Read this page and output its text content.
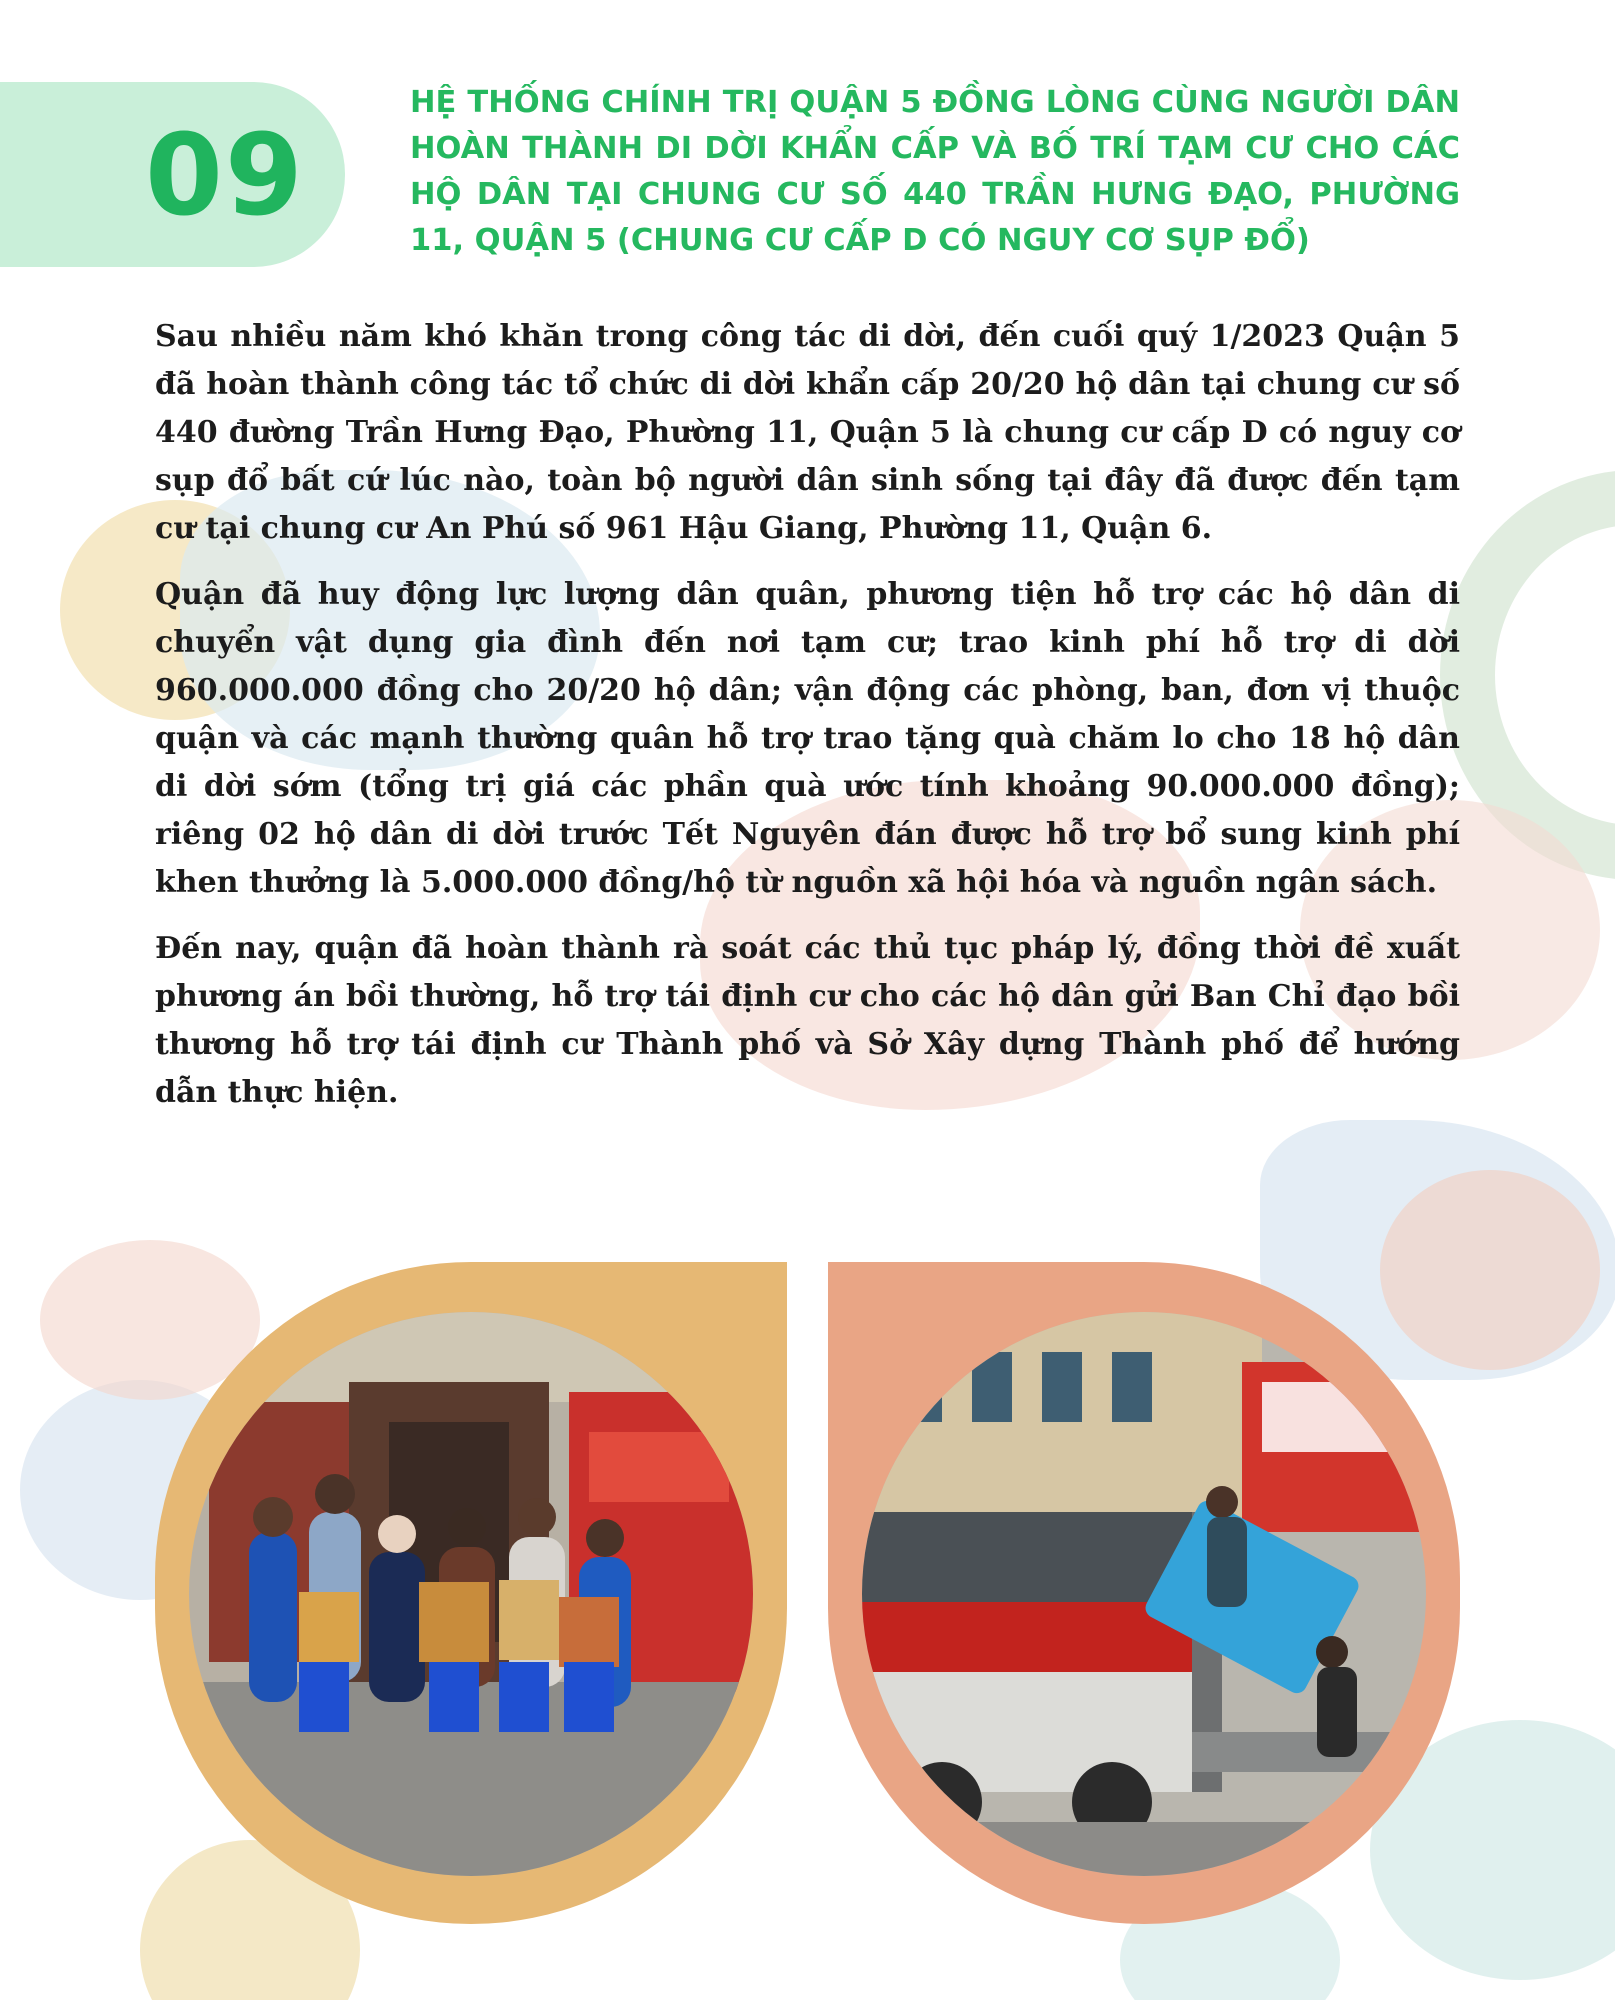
09
HỆ THỐNG CHÍNH TRỊ QUẬN 5 ĐỒNG LÒNG CÙNG NGƯỜI DÂN HOÀN THÀNH DI DỜI KHẨN CẤP VÀ BỐ TRÍ TẠM CƯ CHO CÁC HỘ DÂN TẠI CHUNG CƯ SỐ 440 TRẦN HƯNG ĐẠO, PHƯỜNG 11, QUẬN 5 (CHUNG CƯ CẤP D CÓ NGUY CƠ SỤP ĐỔ)

Sau nhiều năm khó khăn trong công tác di dời, đến cuối quý 1/2023 Quận 5 đã hoàn thành công tác tổ chức di dời khẩn cấp 20/20 hộ dân tại chung cư số 440 đường Trần Hưng Đạo, Phường 11, Quận 5 là chung cư cấp D có nguy cơ sụp đổ bất cứ lúc nào, toàn bộ người dân sinh sống tại đây đã được đến tạm cư tại chung cư An Phú số 961 Hậu Giang, Phường 11, Quận 6.

Quận đã huy động lực lượng dân quân, phương tiện hỗ trợ các hộ dân di chuyển vật dụng gia đình đến nơi tạm cư; trao kinh phí hỗ trợ di dời 960.000.000 đồng cho 20/20 hộ dân; vận động các phòng, ban, đơn vị thuộc quận và các mạnh thường quân hỗ trợ trao tặng quà chăm lo cho 18 hộ dân di dời sớm (tổng trị giá các phần quà ước tính khoảng 90.000.000 đồng); riêng 02 hộ dân di dời trước Tết Nguyên đán được hỗ trợ bổ sung kinh phí khen thưởng là 5.000.000 đồng/hộ từ nguồn xã hội hóa và nguồn ngân sách.

Đến nay, quận đã hoàn thành rà soát các thủ tục pháp lý, đồng thời đề xuất phương án bồi thường, hỗ trợ tái định cư cho các hộ dân gửi Ban Chỉ đạo bồi thương hỗ trợ tái định cư Thành phố và Sở Xây dựng Thành phố để hướng dẫn thực hiện.
